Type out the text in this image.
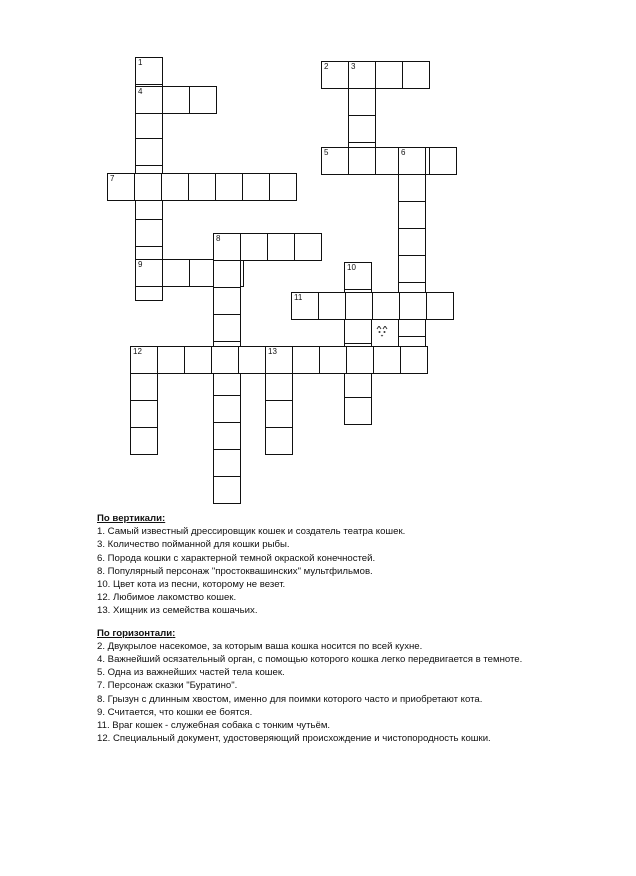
1
4
7
9
2	3
5	6
8
10
11
12	13

По вертикали:

1. Самый известный дрессировщик кошек и создатель театра кошек.

3. Количество пойманной для кошки рыбы.

6. Порода кошки с характерной темной окраской конечностей.

8. Популярный персонаж "простоквашинских" мультфильмов.

10. Цвет кота из песни, которому не везет.

12. Любимое лакомство кошек.

13. Хищник из семейства кошачьих.

По горизонтали:

2. Двукрылое насекомое, за которым ваша кошка носится по всей кухне.

4. Важнейший осязательный орган, с помощью которого кошка легко передвигается в темноте.

5. Одна из важнейших частей тела кошек.

7. Персонаж сказки "Буратино".

8. Грызун с длинным хвостом, именно для поимки которого часто и приобретают кота.

9. Считается, что кошки ее боятся.

11. Враг кошек - служебная собака с тонким чутьём.

12. Специальный документ, удостоверяющий происхождение и чистопородность кошки.
